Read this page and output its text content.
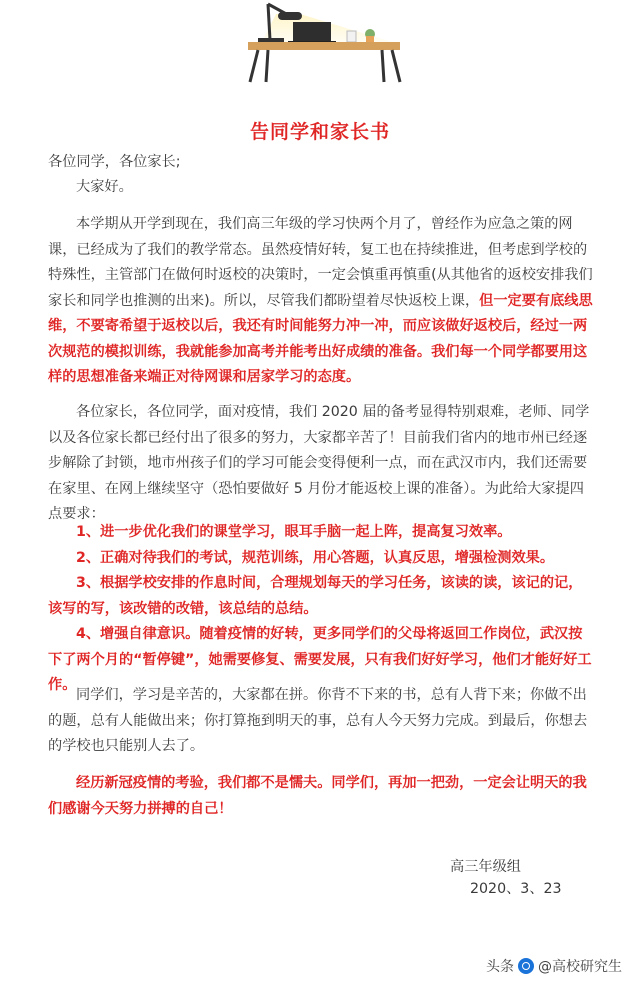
告同学和家长书

各位同学，各位家长;

大家好。

本学期从开学到现在，我们高三年级的学习快两个月了，曾经作为应急之策的网课，已经成为了我们的教学常态。虽然疫情好转，复工也在持续推进，但考虑到学校的特殊性，主管部门在做何时返校的决策时，一定会慎重再慎重(从其他省的返校安排我们家长和同学也推测的出来)。所以，尽管我们都盼望着尽快返校上课，但一定要有底线思维，不要寄希望于返校以后，我还有时间能努力冲一冲，而应该做好返校后，经过一两次规范的模拟训练，我就能参加高考并能考出好成绩的准备。我们每一个同学都要用这样的思想准备来端正对待网课和居家学习的态度。

各位家长，各位同学，面对疫情，我们 2020 届的备考显得特别艰难，老师、同学以及各位家长都已经付出了很多的努力，大家都辛苦了！目前我们省内的地市州已经逐步解除了封锁，地市州孩子们的学习可能会变得便利一点，而在武汉市内，我们还需要在家里、在网上继续坚守（恐怕要做好 5 月份才能返校上课的准备）。为此给大家提四点要求：

1、进一步优化我们的课堂学习，眼耳手脑一起上阵，提高复习效率。

2、正确对待我们的考试，规范训练，用心答题，认真反思，增强检测效果。

3、根据学校安排的作息时间，合理规划每天的学习任务，该读的读，该记的记，该写的写，该改错的改错，该总结的总结。

4、增强自律意识。随着疫情的好转，更多同学们的父母将返回工作岗位，武汉按下了两个月的“暂停键”，她需要修复、需要发展，只有我们好好学习，他们才能好好工作。

同学们，学习是辛苦的，大家都在拼。你背不下来的书，总有人背下来；你做不出的题，总有人能做出来；你打算拖到明天的事，总有人今天努力完成。到最后，你想去的学校也只能别人去了。

经历新冠疫情的考验，我们都不是懦夫。同学们，再加一把劲，一定会让明天的我们感谢今天努力拼搏的自己！

高三年级组
2020、3、23
头条 @高校研究生
